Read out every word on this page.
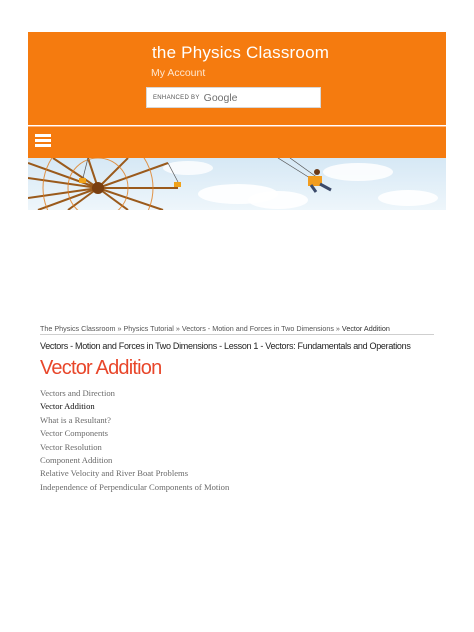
the Physics Classroom
My Account
ENHANCED BY Google
The Physics Classroom » Physics Tutorial » Vectors - Motion and Forces in Two Dimensions » Vector Addition
Vectors - Motion and Forces in Two Dimensions - Lesson 1 - Vectors: Fundamentals and Operations
Vector Addition
Vectors and Direction
Vector Addition
What is a Resultant?
Vector Components
Vector Resolution
Component Addition
Relative Velocity and River Boat Problems
Independence of Perpendicular Components of Motion
